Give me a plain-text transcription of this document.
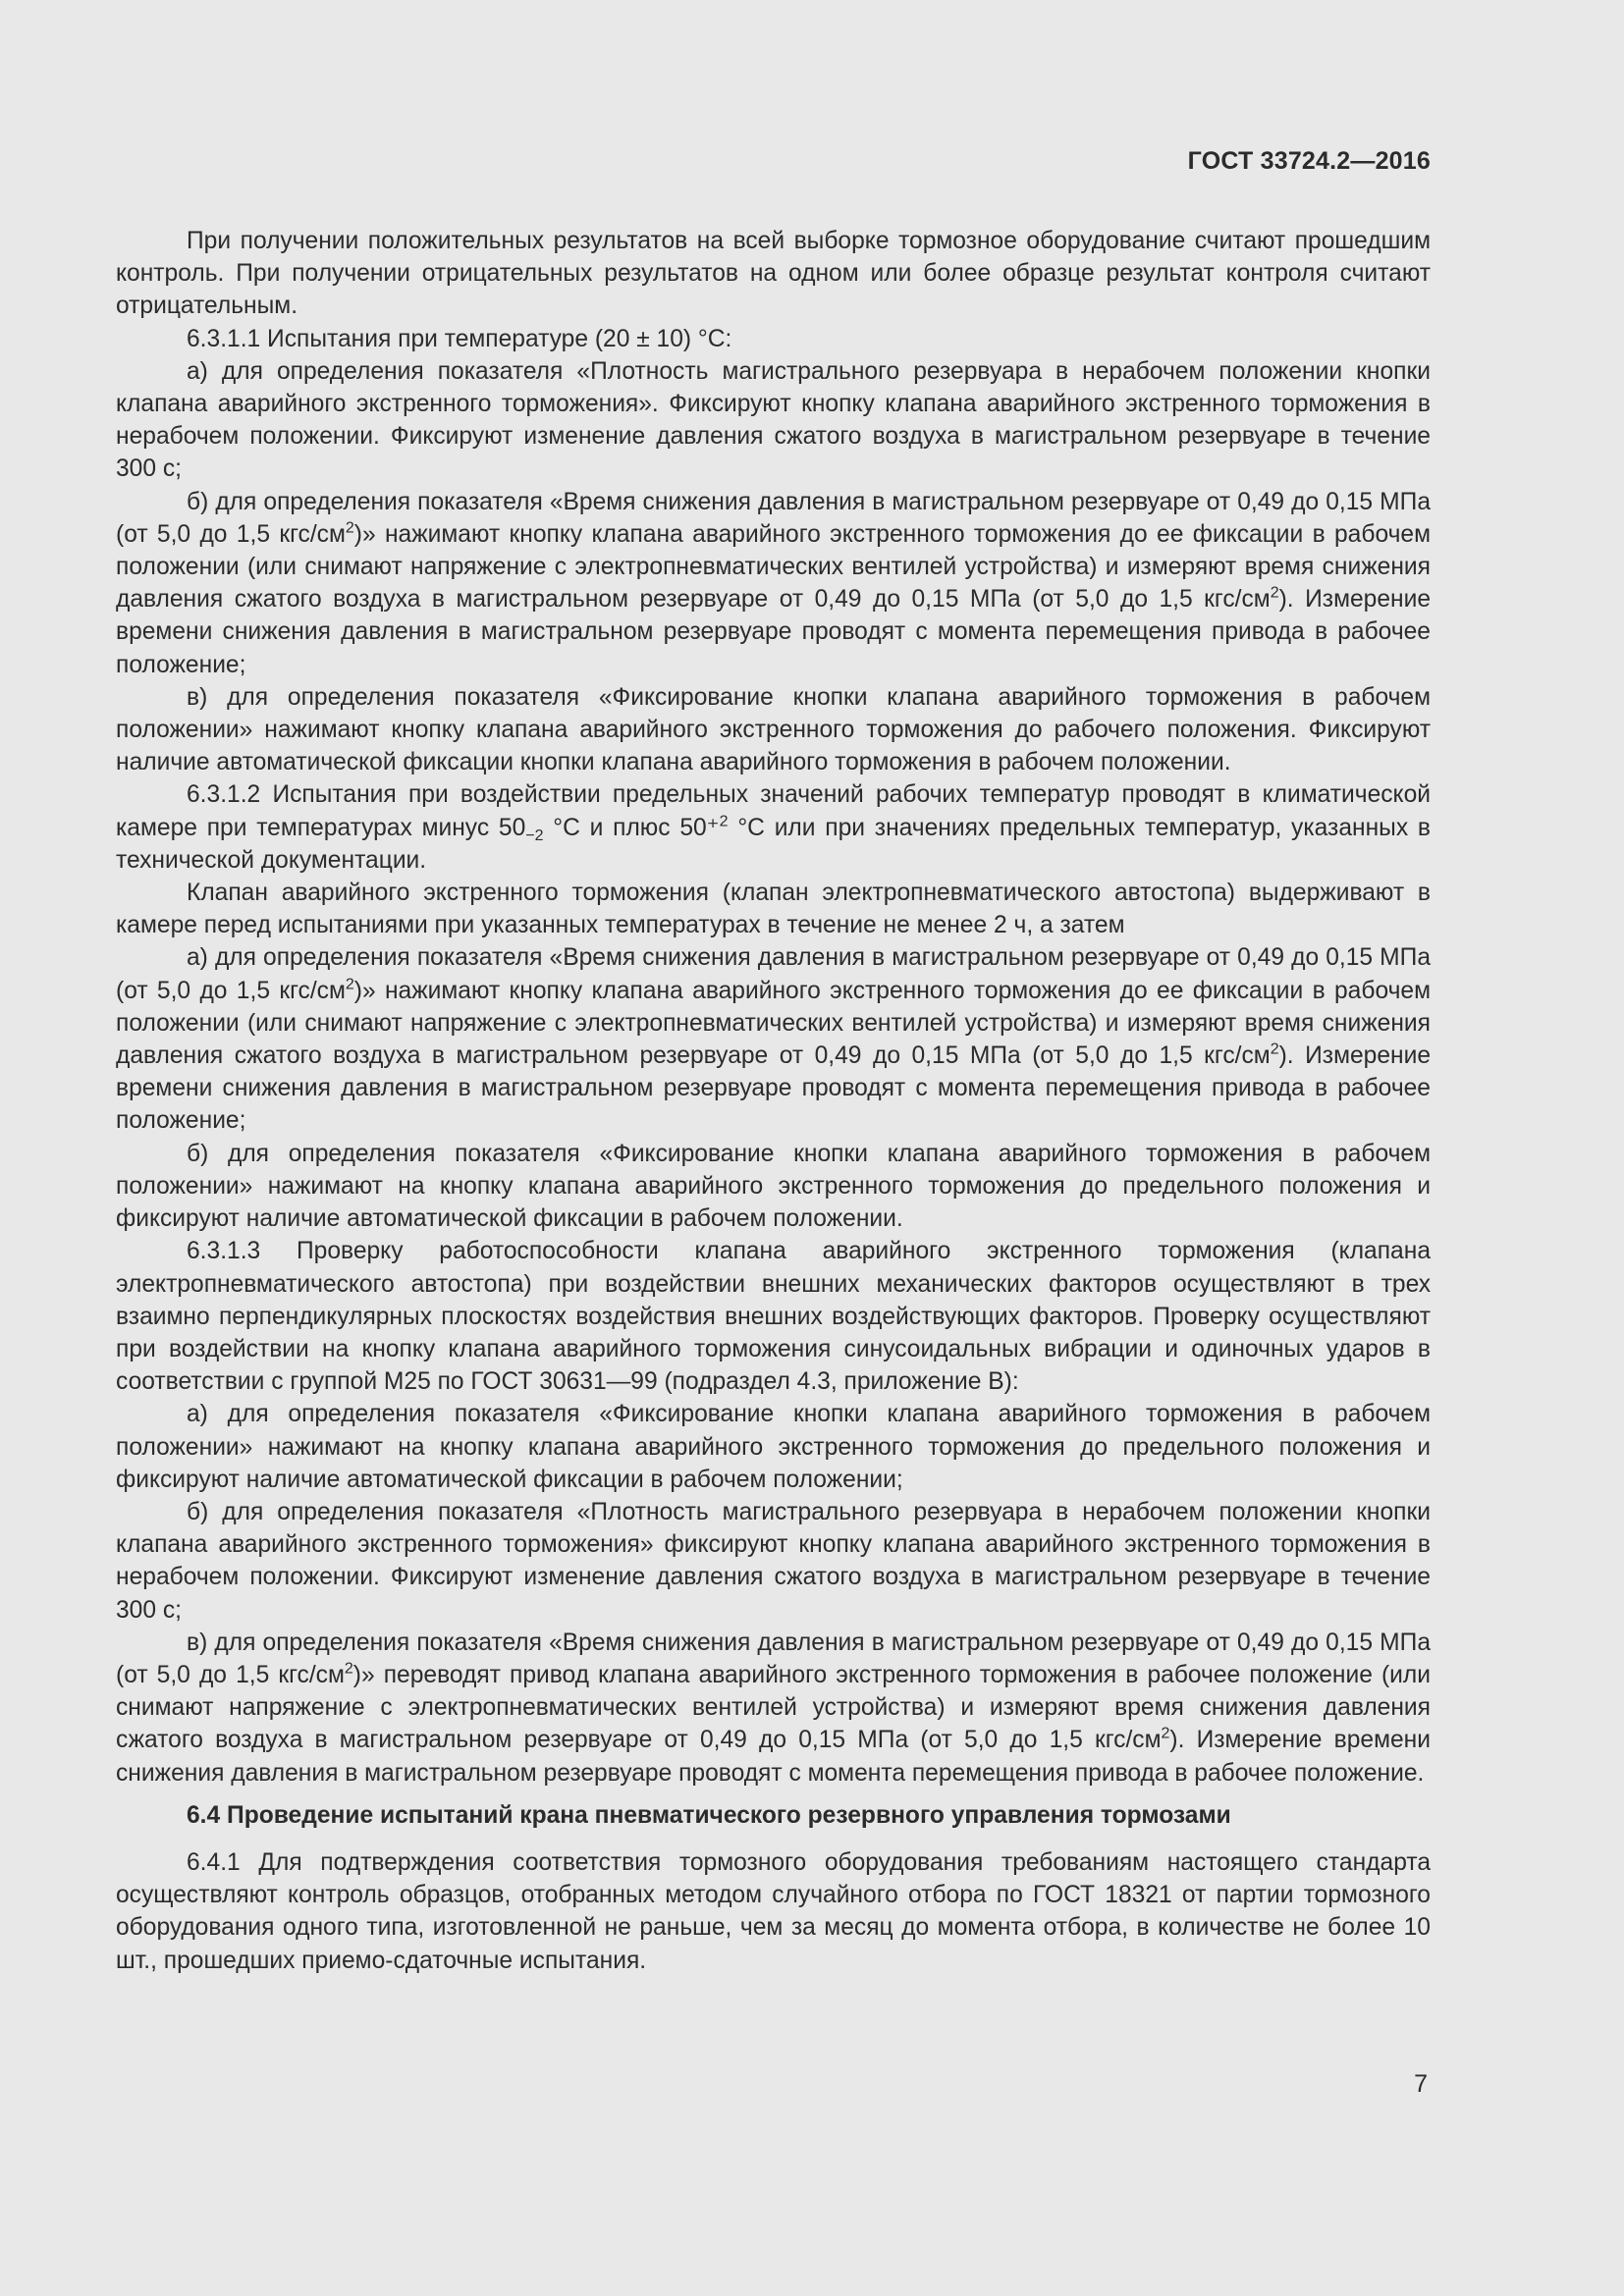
ГОСТ 33724.2—2016

При получении положительных результатов на всей выборке тормозное оборудование считают прошедшим контроль. При получении отрицательных результатов на одном или более образце результат контроля считают отрицательным.

6.3.1.1 Испытания при температуре (20 ± 10) °С:

а) для определения показателя «Плотность магистрального резервуара в нерабочем положении кнопки клапана аварийного экстренного торможения». Фиксируют кнопку клапана аварийного экстренного торможения в нерабочем положении. Фиксируют изменение давления сжатого воздуха в магистральном резервуаре в течение 300 с;

б) для определения показателя «Время снижения давления в магистральном резервуаре от 0,49 до 0,15 МПа (от 5,0 до 1,5 кгс/$см^2$)» нажимают кнопку клапана аварийного экстренного торможения до ее фиксации в рабочем положении (или снимают напряжение с электропневматических вентилей устройства) и измеряют время снижения давления сжатого воздуха в магистральном резервуаре от 0,49 до 0,15 МПа (от 5,0 до 1,5 кгс/$см^2$). Измерение времени снижения давления в магистральном резервуаре проводят с момента перемещения привода в рабочее положение;

в) для определения показателя «Фиксирование кнопки клапана аварийного торможения в рабочем положении» нажимают кнопку клапана аварийного экстренного торможения до рабочего положения. Фиксируют наличие автоматической фиксации кнопки клапана аварийного торможения в рабочем положении.

6.3.1.2 Испытания при воздействии предельных значений рабочих температур проводят в климатической камере при температурах минус $50_{-2}$ °С и плюс 50⁺$^2$ °С или при значениях предельных температур, указанных в технической документации.

Клапан аварийного экстренного торможения (клапан электропневматического автостопа) выдерживают в камере перед испытаниями при указанных температурах в течение не менее 2 ч, а затем

а) для определения показателя «Время снижения давления в магистральном резервуаре от 0,49 до 0,15 МПа (от 5,0 до 1,5 кгс/$см^2$)» нажимают кнопку клапана аварийного экстренного торможения до ее фиксации в рабочем положении (или снимают напряжение с электропневматических вентилей устройства) и измеряют время снижения давления сжатого воздуха в магистральном резервуаре от 0,49 до 0,15 МПа (от 5,0 до 1,5 кгс/$см^2$). Измерение времени снижения давления в магистральном резервуаре проводят с момента перемещения привода в рабочее положение;

б) для определения показателя «Фиксирование кнопки клапана аварийного торможения в рабочем положении» нажимают на кнопку клапана аварийного экстренного торможения до предельного положения и фиксируют наличие автоматической фиксации в рабочем положении.

6.3.1.3 Проверку работоспособности клапана аварийного экстренного торможения (клапана электропневматического автостопа) при воздействии внешних механических факторов осуществляют в трех взаимно перпендикулярных плоскостях воздействия внешних воздействующих факторов. Проверку осуществляют при воздействии на кнопку клапана аварийного торможения синусоидальных вибрации и одиночных ударов в соответствии с группой М25 по ГОСТ 30631—99 (подраздел 4.3, приложение В):

а) для определения показателя «Фиксирование кнопки клапана аварийного торможения в рабочем положении» нажимают на кнопку клапана аварийного экстренного торможения до предельного положения и фиксируют наличие автоматической фиксации в рабочем положении;

б) для определения показателя «Плотность магистрального резервуара в нерабочем положении кнопки клапана аварийного экстренного торможения» фиксируют кнопку клапана аварийного экстренного торможения в нерабочем положении. Фиксируют изменение давления сжатого воздуха в магистральном резервуаре в течение 300 с;

в) для определения показателя «Время снижения давления в магистральном резервуаре от 0,49 до 0,15 МПа (от 5,0 до 1,5 кгс/$см^2$)» переводят привод клапана аварийного экстренного торможения в рабочее положение (или снимают напряжение с электропневматических вентилей устройства) и измеряют время снижения давления сжатого воздуха в магистральном резервуаре от 0,49 до 0,15 МПа (от 5,0 до 1,5 кгс/$см^2$). Измерение времени снижения давления в магистральном резервуаре проводят с момента перемещения привода в рабочее положение.

6.4 Проведение испытаний крана пневматического резервного управления тормозами

6.4.1 Для подтверждения соответствия тормозного оборудования требованиям настоящего стандарта осуществляют контроль образцов, отобранных методом случайного отбора по ГОСТ 18321 от партии тормозного оборудования одного типа, изготовленной не раньше, чем за месяц до момента отбора, в количестве не более 10 шт., прошедших приемо-сдаточные испытания.

7
